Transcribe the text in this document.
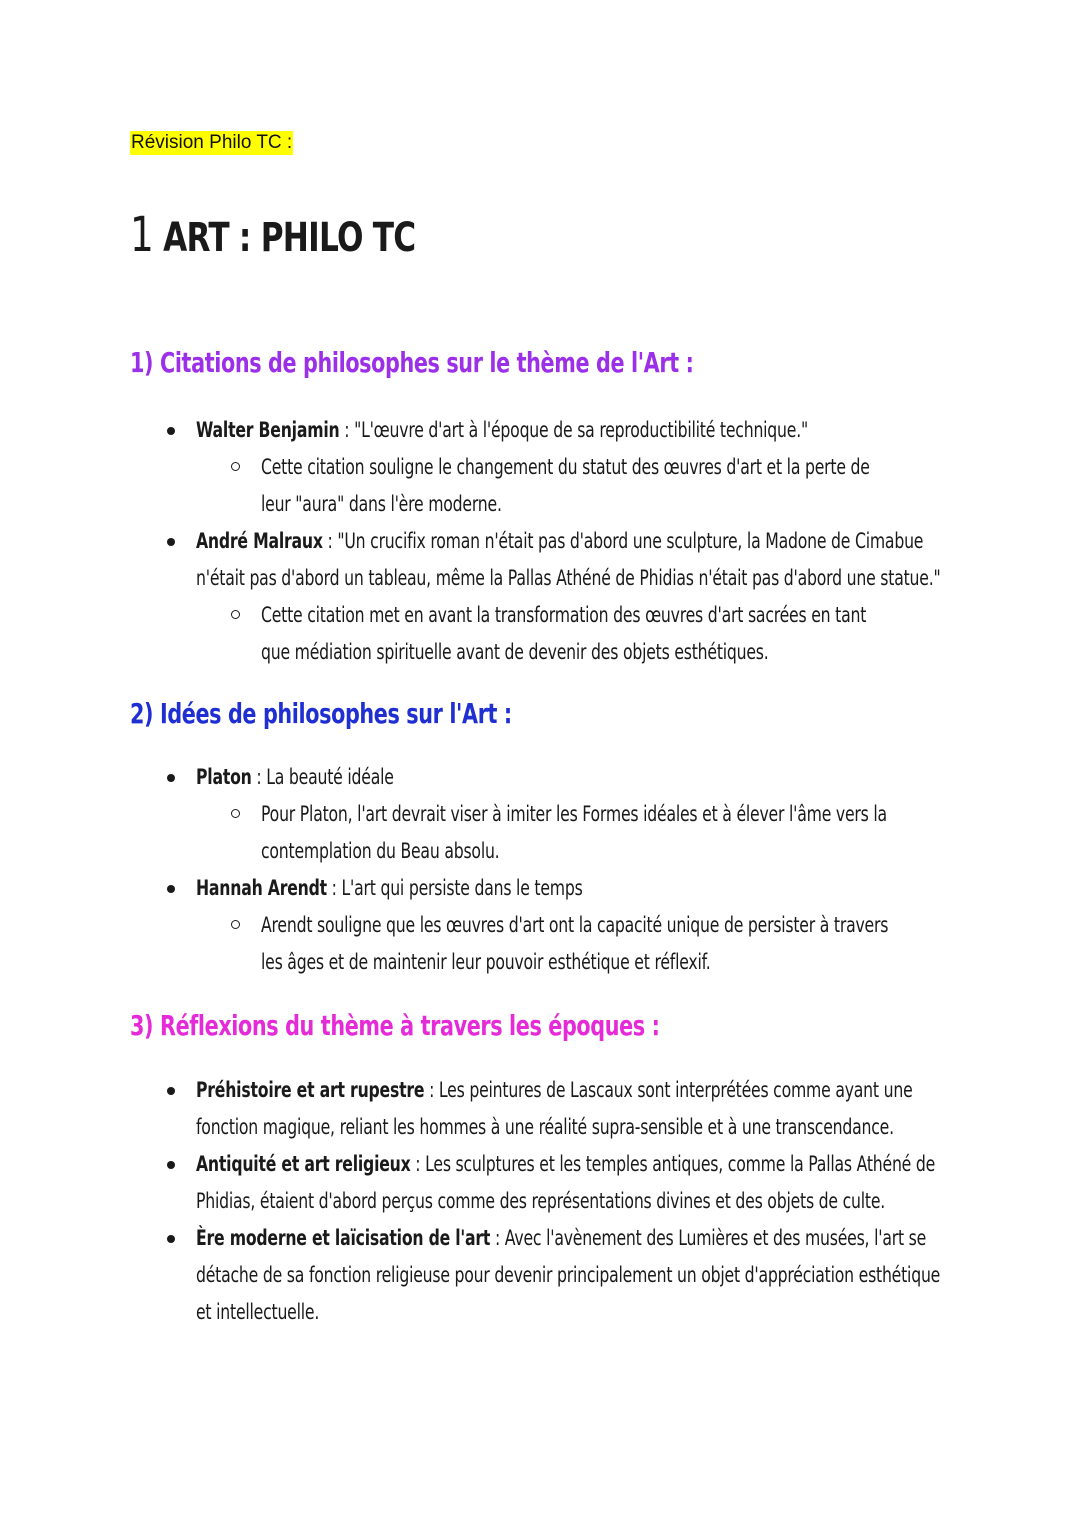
Révision Philo TC :
1 ART : PHILO TC
1) Citations de philosophes sur le thème de l'Art :
Walter Benjamin : "L'œuvre d'art à l'époque de sa reproductibilité technique."
Cette citation souligne le changement du statut des œuvres d'art et la perte de leur "aura" dans l'ère moderne.
André Malraux : "Un crucifix roman n'était pas d'abord une sculpture, la Madone de Cimabue n'était pas d'abord un tableau, même la Pallas Athéné de Phidias n'était pas d'abord une statue."
Cette citation met en avant la transformation des œuvres d'art sacrées en tant que médiation spirituelle avant de devenir des objets esthétiques.
2) Idées de philosophes sur l'Art :
Platon : La beauté idéale
Pour Platon, l'art devrait viser à imiter les Formes idéales et à élever l'âme vers la contemplation du Beau absolu.
Hannah Arendt : L'art qui persiste dans le temps
Arendt souligne que les œuvres d'art ont la capacité unique de persister à travers les âges et de maintenir leur pouvoir esthétique et réflexif.
3) Réflexions du thème à travers les époques :
Préhistoire et art rupestre : Les peintures de Lascaux sont interprétées comme ayant une fonction magique, reliant les hommes à une réalité supra-sensible et à une transcendance.
Antiquité et art religieux : Les sculptures et les temples antiques, comme la Pallas Athéné de Phidias, étaient d'abord perçus comme des représentations divines et des objets de culte.
Ère moderne et laïcisation de l'art : Avec l'avènement des Lumières et des musées, l'art se détache de sa fonction religieuse pour devenir principalement un objet d'appréciation esthétique et intellectuelle.
